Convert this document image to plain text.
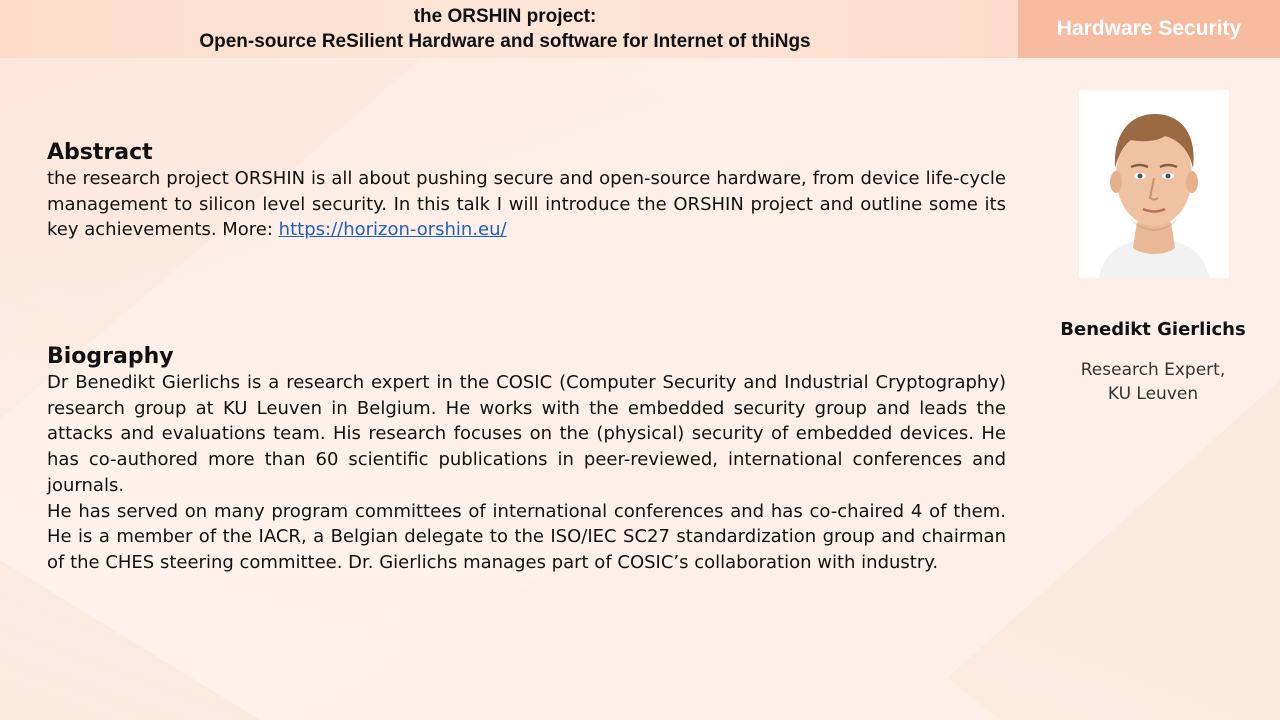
the ORSHIN project:
Open-source ReSilient Hardware and software for Internet of thiNgs
Hardware Security
Abstract

the research project ORSHIN is all about pushing secure and open-source hardware, from device life-cycle management to silicon level security. In this talk I will introduce the ORSHIN project and outline some its key achievements. More: https://horizon-orshin.eu/

Biography

Dr Benedikt Gierlichs is a research expert in the COSIC (Computer Security and Industrial Cryptography) research group at KU Leuven in Belgium. He works with the embedded security group and leads the attacks and evaluations team. His research focuses on the (physical) security of embedded devices. He has co-authored more than 60 scientific publications in peer-reviewed, international conferences and journals.

He has served on many program committees of international conferences and has co-chaired 4 of them. He is a member of the IACR, a Belgian delegate to the ISO/IEC SC27 standardization group and chairman of the CHES steering committee. Dr. Gierlichs manages part of COSIC’s collaboration with industry.

Benedikt Gierlichs
Research Expert,
KU Leuven
